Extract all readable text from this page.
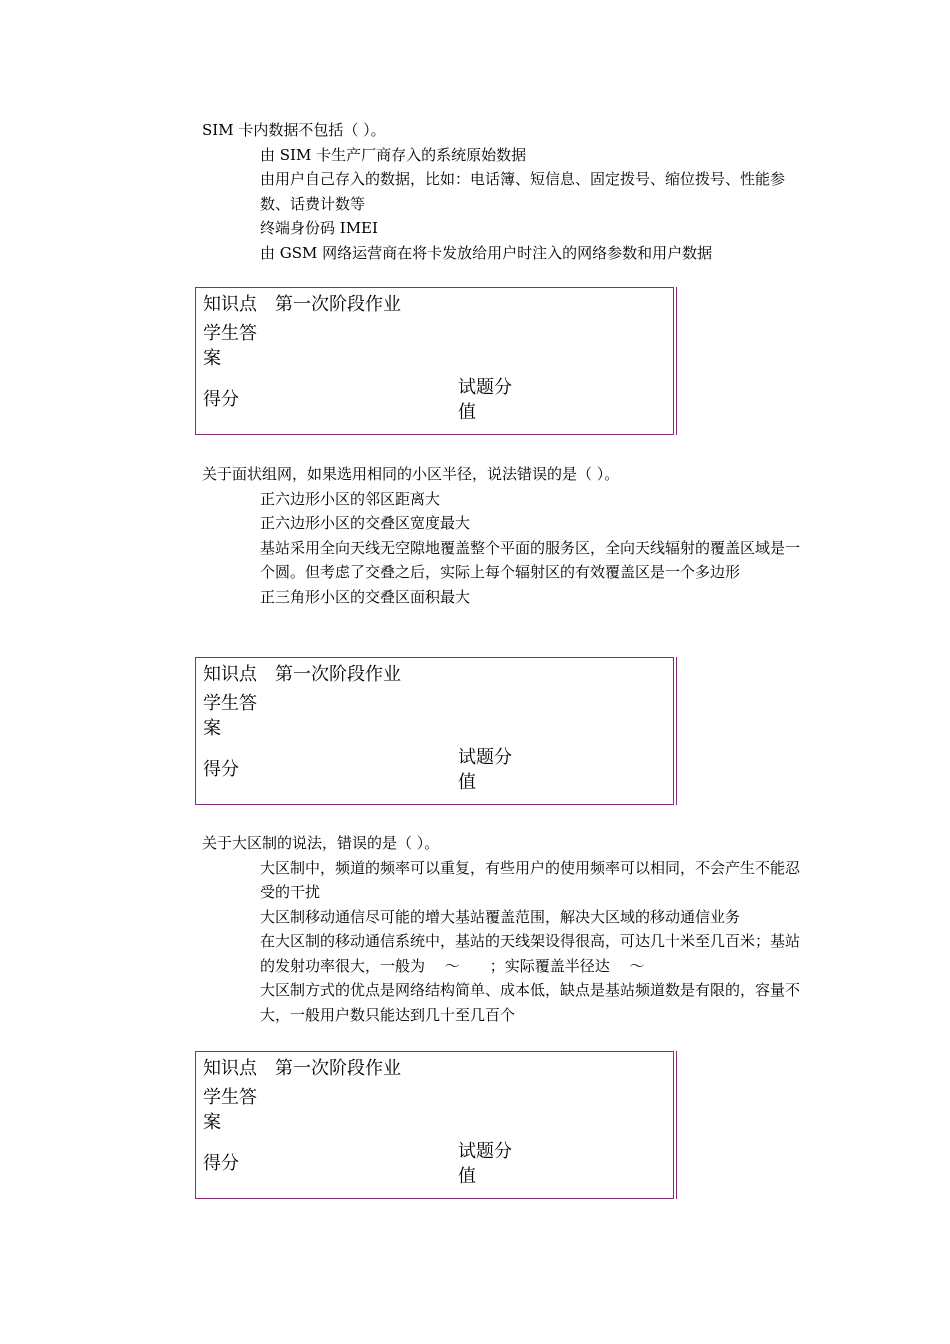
SIM 卡内数据不包括（ ）。

由 SIM 卡生产厂商存入的系统原始数据
由用户自己存入的数据，比如：电话簿、短信息、固定拨号、缩位拨号、性能参数、话费计数等
终端身份码 IMEI
由 GSM 网络运营商在将卡发放给用户时注入的网络参数和用户数据
知识点 第一次阶段作业
学生答案
得分
试题分值

关于面状组网，如果选用相同的小区半径，说法错误的是（ ）。

正六边形小区的邻区距离大
正六边形小区的交叠区宽度最大
基站采用全向天线无空隙地覆盖整个平面的服务区，全向天线辐射的覆盖区域是一个圆。但考虑了交叠之后，实际上每个辐射区的有效覆盖区是一个多边形
正三角形小区的交叠区面积最大
知识点 第一次阶段作业
学生答案
得分
试题分值

关于大区制的说法，错误的是（ ）。

大区制中，频道的频率可以重复，有些用户的使用频率可以相同，不会产生不能忍受的干扰
大区制移动通信尽可能的增大基站覆盖范围，解决大区域的移动通信业务
在大区制的移动通信系统中，基站的天线架设得很高，可达几十米至几百米；基站的发射功率很大，一般为　 ～　　；实际覆盖半径达　 ～
大区制方式的优点是网络结构简单、成本低，缺点是基站频道数是有限的，容量不大，一般用户数只能达到几十至几百个
知识点 第一次阶段作业
学生答案
得分
试题分值
